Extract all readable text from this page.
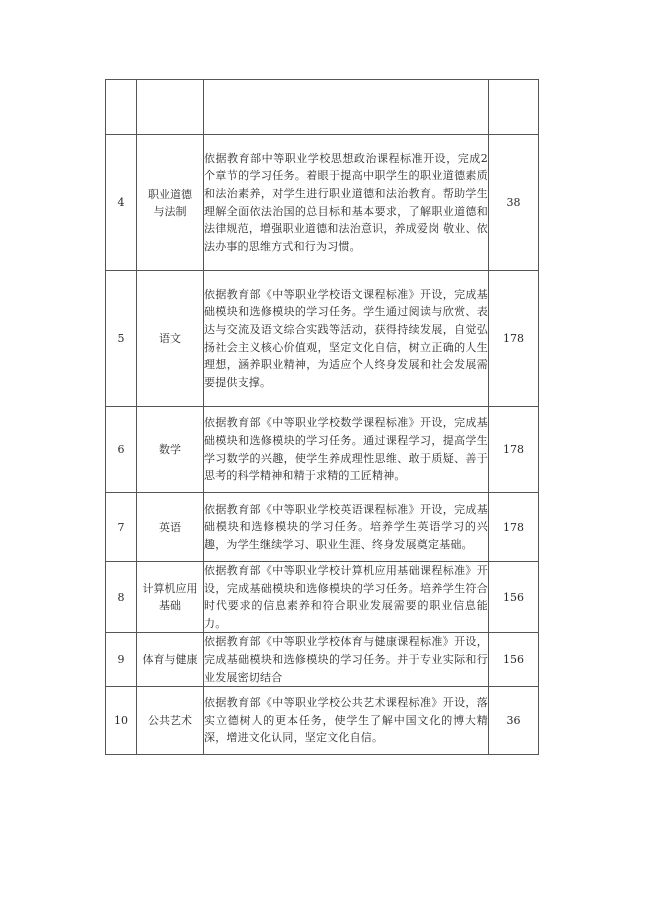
4	职业道德与法制	依据教育部中等职业学校思想政治课程标准开设，完成2个章节的学习任务。着眼于提高中职学生的职业道德素质和法治素养，对学生进行职业道德和法治教育。帮助学生理解全面依法治国的总目标和基本要求，了解职业道德和法律规范，增强职业道德和法治意识，养成爱岗 敬业、依法办事的思维方式和行为习惯。	38
5	语文	依据教育部《中等职业学校语文课程标准》开设，完成基础模块和选修模块的学习任务。学生通过阅读与欣赏、表达与交流及语文综合实践等活动，获得持续发展，自觉弘扬社会主义核心价值观，坚定文化自信，树立正确的人生理想，涵养职业精神，为适应个人终身发展和社会发展需要提供支撑。	178
6	数学	依据教育部《中等职业学校数学课程标准》开设，完成基础模块和选修模块的学习任务。通过课程学习，提高学生学习数学的兴趣，使学生养成理性思维、敢于质疑、善于思考的科学精神和精于求精的工匠精神。	178
7	英语	依据教育部《中等职业学校英语课程标准》开设，完成基础模块和选修模块的学习任务。培养学生英语学习的兴趣，为学生继续学习、职业生涯、终身发展奠定基础。	178
8	计算机应用基础	依据教育部《中等职业学校计算机应用基础课程标准》开设，完成基础模块和选修模块的学习任务。培养学生符合时代要求的信息素养和符合职业发展需要的职业信息能力。	156
9	体育与健康	依据教育部《中等职业学校体育与健康课程标准》开设，完成基础模块和选修模块的学习任务。并于专业实际和行业发展密切结合	156
10	公共艺术	依据教育部《中等职业学校公共艺术课程标准》开设，落实立德树人的更本任务，使学生了解中国文化的博大精深，增进文化认同，坚定文化自信。	36
